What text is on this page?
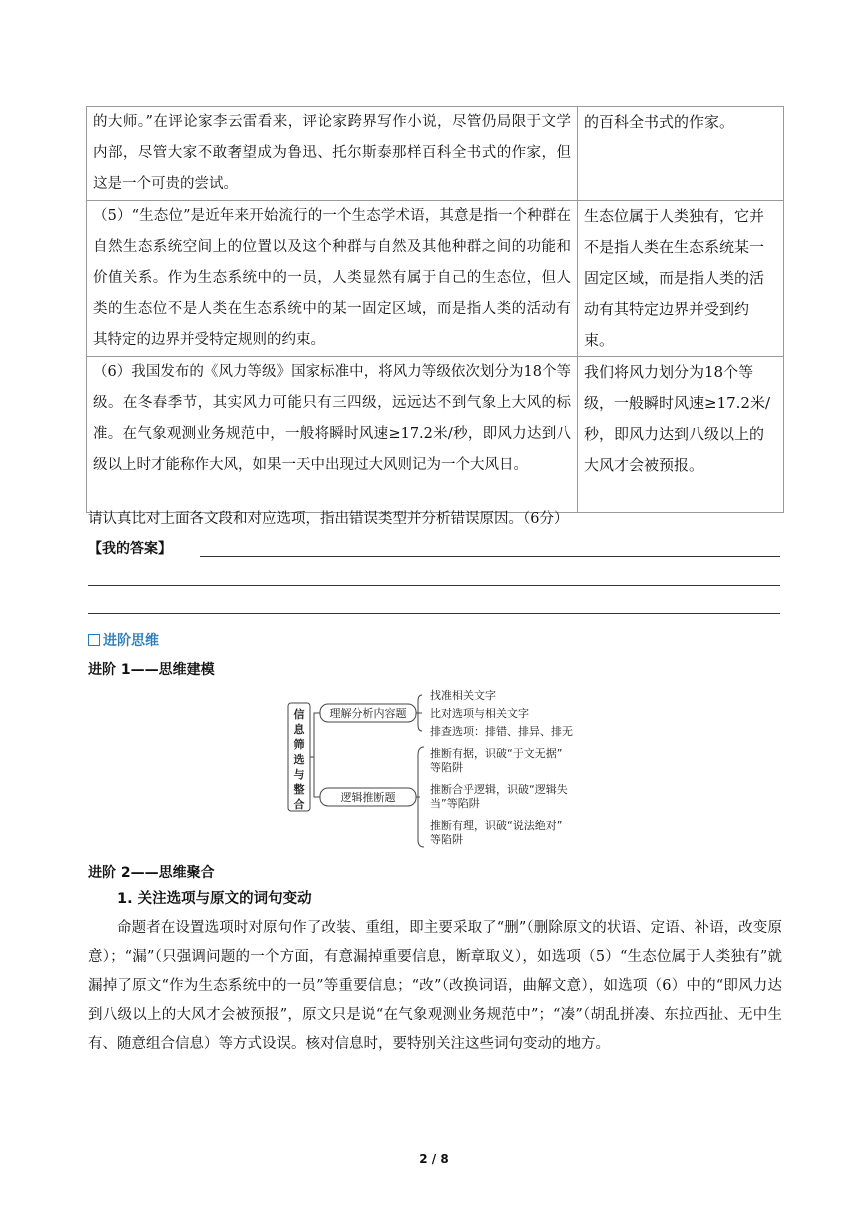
的大师。”在评论家李云雷看来，评论家跨界写作小说，尽管仍局限于文学内部，尽管大家不敢奢望成为鲁迅、托尔斯泰那样百科全书式的作家，但这是一个可贵的尝试。	的百科全书式的作家。
（5）“生态位”是近年来开始流行的一个生态学术语，其意是指一个种群在自然生态系统空间上的位置以及这个种群与自然及其他种群之间的功能和价值关系。作为生态系统中的一员，人类显然有属于自己的生态位，但人类的生态位不是人类在生态系统中的某一固定区域，而是指人类的活动有其特定的边界并受特定规则的约束。	生态位属于人类独有，它并不是指人类在生态系统某一固定区域，而是指人类的活动有其特定边界并受到约束。
（6）我国发布的《风力等级》国家标准中，将风力等级依次划分为18个等级。在冬春季节，其实风力可能只有三四级，远远达不到气象上大风的标准。在气象观测业务规范中，一般将瞬时风速≥17.2米/秒，即风力达到八级以上时才能称作大风，如果一天中出现过大风则记为一个大风日。	我们将风力划分为18个等级，一般瞬时风速≥17.2米/秒，即风力达到八级以上的大风才会被预报。
请认真比对上面各文段和对应选项，指出错误类型并分析错误原因。（6分）
【我的答案】
进阶思维
进阶 1——思维建模
信
息
筛
选
与
整
合
理解分析内容题
逻辑推断题
找准相关文字
比对选项与相关文字
排查选项：排错、排异、排无
推断有据，识破“于文无据”
等陷阱
推断合乎逻辑，识破“逻辑失
当”等陷阱
推断有理，识破“说法绝对”
等陷阱
进阶 2——思维聚合

1. 关注选项与原文的词句变动

命题者在设置选项时对原句作了改装、重组，即主要采取了“删”（删除原文的状语、定语、补语，改变原意）；“漏”（只强调问题的一个方面，有意漏掉重要信息，断章取义），如选项（5）“生态位属于人类独有”就漏掉了原文“作为生态系统中的一员”等重要信息；“改”（改换词语，曲解文意），如选项（6）中的“即风力达到八级以上的大风才会被预报”，原文只是说“在气象观测业务规范中”；“凑”（胡乱拼凑、东拉西扯、无中生有、随意组合信息）等方式设误。核对信息时，要特别关注这些词句变动的地方。

2 / 8
